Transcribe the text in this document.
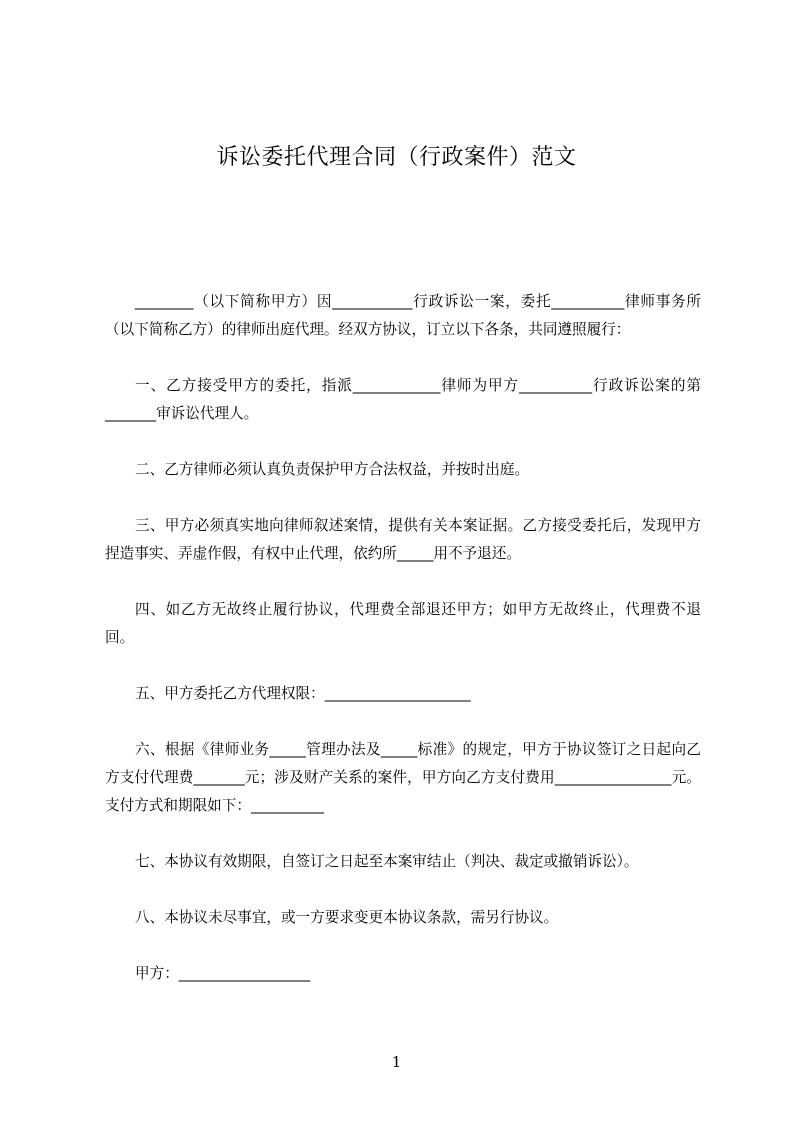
诉讼委托代理合同（行政案件）范文

________（以下简称甲方）因___________行政诉讼一案，委托__________律师事务所（以下简称乙方）的律师出庭代理。经双方协议，订立以下各条，共同遵照履行：

一、乙方接受甲方的委托，指派____________律师为甲方__________行政诉讼案的第_______审诉讼代理人。

二、乙方律师必须认真负责保护甲方合法权益，并按时出庭。

三、甲方必须真实地向律师叙述案情，提供有关本案证据。乙方接受委托后，发现甲方捏造事实、弄虚作假，有权中止代理，依约所_____用不予退还。

四、如乙方无故终止履行协议，代理费全部退还甲方；如甲方无故终止，代理费不退回。

五、甲方委托乙方代理权限：____________________

六、根据《律师业务_____管理办法及_____标准》的规定，甲方于协议签订之日起向乙方支付代理费_______元；涉及财产关系的案件，甲方向乙方支付费用________________元。支付方式和期限如下：__________

七、本协议有效期限，自签订之日起至本案审结止（判决、裁定或撤销诉讼）。

八、本协议未尽事宜，或一方要求变更本协议条款，需另行协议。

甲方：__________________

1
